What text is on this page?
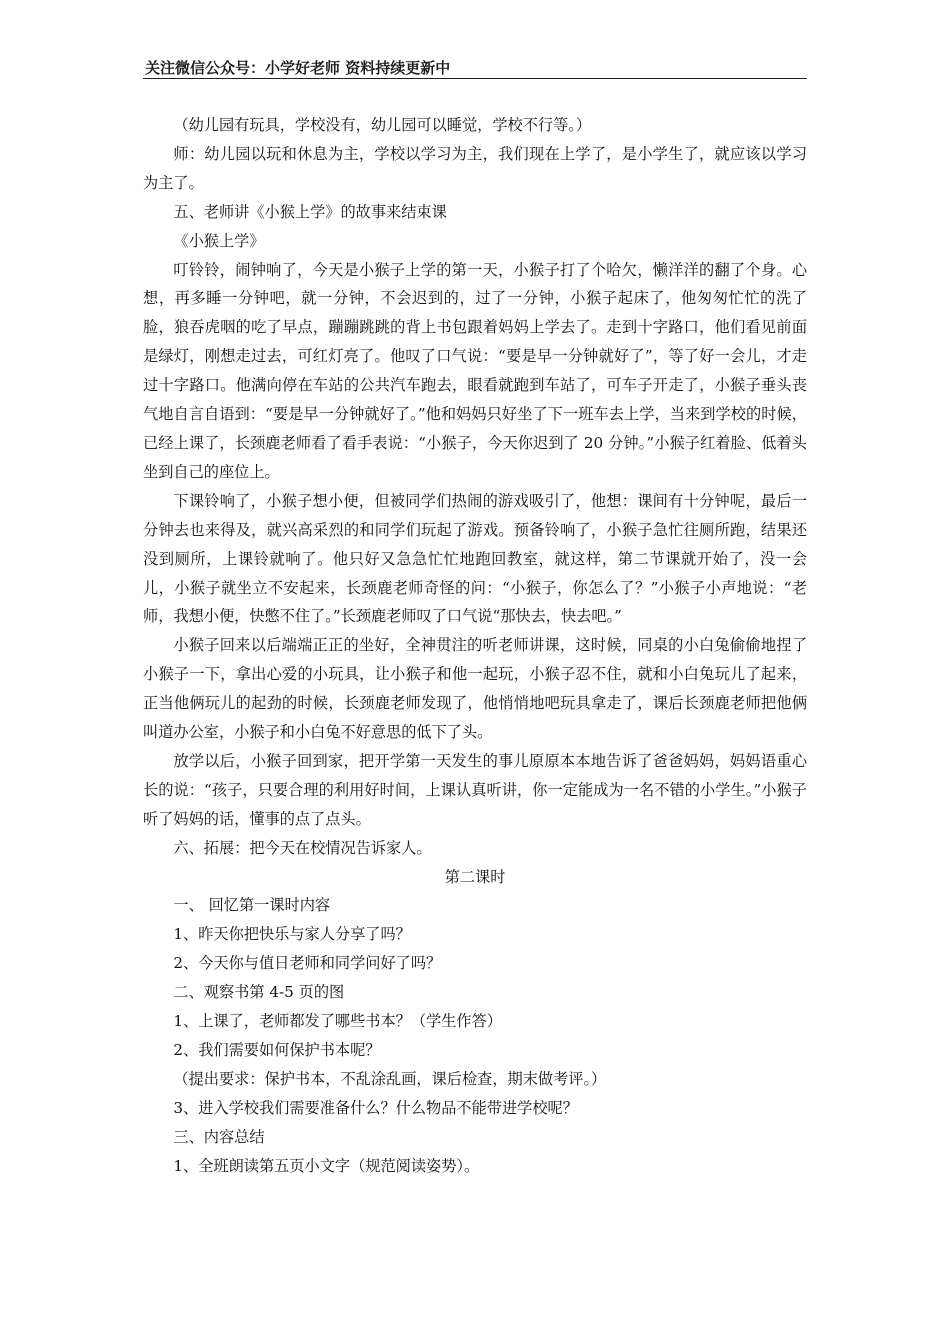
关注微信公众号：小学好老师 资料持续更新中

（幼儿园有玩具，学校没有，幼儿园可以睡觉，学校不行等。）

师：幼儿园以玩和休息为主，学校以学习为主，我们现在上学了，是小学生了，就应该以学习为主了。

五、老师讲《小猴上学》的故事来结束课

《小猴上学》

叮铃铃，闹钟响了，今天是小猴子上学的第一天，小猴子打了个哈欠，懒洋洋的翻了个身。心想，再多睡一分钟吧，就一分钟，不会迟到的，过了一分钟，小猴子起床了，他匆匆忙忙的洗了脸，狼吞虎咽的吃了早点，蹦蹦跳跳的背上书包跟着妈妈上学去了。走到十字路口，他们看见前面是绿灯，刚想走过去，可红灯亮了。他叹了口气说：“要是早一分钟就好了”，等了好一会儿，才走过十字路口。他满向停在车站的公共汽车跑去，眼看就跑到车站了，可车子开走了，小猴子垂头丧气地自言自语到：“要是早一分钟就好了。”他和妈妈只好坐了下一班车去上学，当来到学校的时候，已经上课了，长颈鹿老师看了看手表说：“小猴子，今天你迟到了 20 分钟。”小猴子红着脸、低着头坐到自己的座位上。

下课铃响了，小猴子想小便，但被同学们热闹的游戏吸引了，他想：课间有十分钟呢，最后一分钟去也来得及，就兴高采烈的和同学们玩起了游戏。预备铃响了，小猴子急忙往厕所跑，结果还没到厕所，上课铃就响了。他只好又急急忙忙地跑回教室，就这样，第二节课就开始了，没一会儿，小猴子就坐立不安起来，长颈鹿老师奇怪的问：“小猴子，你怎么了？”小猴子小声地说：“老师，我想小便，快憋不住了。”长颈鹿老师叹了口气说“那快去，快去吧。”

小猴子回来以后端端正正的坐好，全神贯注的听老师讲课，这时候，同桌的小白兔偷偷地捏了小猴子一下，拿出心爱的小玩具，让小猴子和他一起玩，小猴子忍不住，就和小白兔玩儿了起来，正当他俩玩儿的起劲的时候，长颈鹿老师发现了，他悄悄地吧玩具拿走了，课后长颈鹿老师把他俩叫道办公室，小猴子和小白兔不好意思的低下了头。

放学以后，小猴子回到家，把开学第一天发生的事儿原原本本地告诉了爸爸妈妈，妈妈语重心长的说：“孩子，只要合理的利用好时间，上课认真听讲，你一定能成为一名不错的小学生。”小猴子听了妈妈的话，懂事的点了点头。

六、拓展：把今天在校情况告诉家人。

第二课时

一、 回忆第一课时内容

1、昨天你把快乐与家人分享了吗？

2、今天你与值日老师和同学问好了吗？

二、观察书第 4-5 页的图

1、上课了，老师都发了哪些书本？（学生作答）

2、我们需要如何保护书本呢？

（提出要求：保护书本，不乱涂乱画，课后检查，期末做考评。）

3、进入学校我们需要准备什么？什么物品不能带进学校呢？

三、内容总结

1、全班朗读第五页小文字（规范阅读姿势）。
